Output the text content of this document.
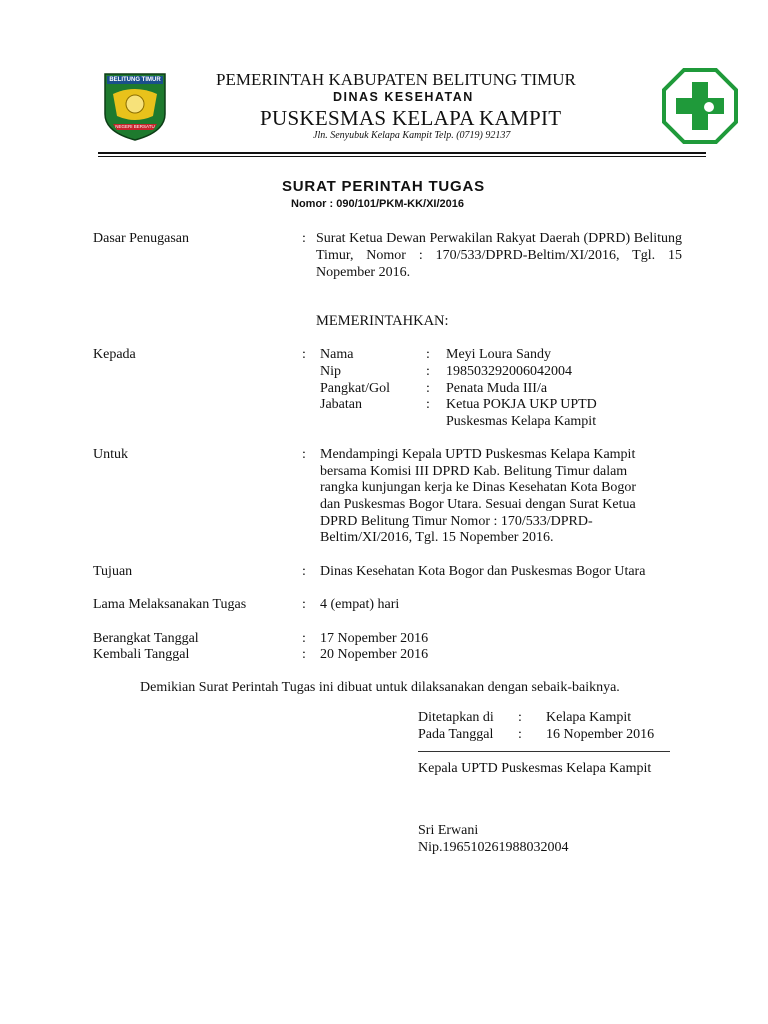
BELITUNG TIMUR
NEGERI BERSATU
PEMERINTAH KABUPATEN BELITUNG TIMUR
DINAS KESEHATAN
PUSKESMAS KELAPA KAMPIT
Jln. Senyubuk Kelapa Kampit Telp. (0719) 92137
SURAT PERINTAH TUGAS
Nomor : 090/101/PKM-KK/XI/2016
Dasar Penugasan	: Surat Ketua Dewan Perwakilan Rakyat Daerah (DPRD) Belitung Timur, Nomor : 170/533/DPRD-Beltim/XI/2016, Tgl. 15 Nopember 2016.
MEMERINTAHKAN:
Kepada	: Nama	: Meyi Loura Sandy
Nip	: 198503292006042004
Pangkat/Gol	: Penata Muda III/a
Jabatan	: Ketua POKJA UKP UPTD
Puskesmas Kelapa Kampit
Untuk	: Mendampingi Kepala UPTD Puskesmas Kelapa Kampit
bersama Komisi III DPRD Kab. Belitung Timur dalam
rangka kunjungan kerja ke Dinas Kesehatan Kota Bogor
dan Puskesmas Bogor Utara. Sesuai dengan Surat Ketua
DPRD Belitung Timur Nomor : 170/533/DPRD-
Beltim/XI/2016, Tgl. 15 Nopember 2016.
Tujuan	: Dinas Kesehatan Kota Bogor dan Puskesmas Bogor Utara
Lama Melaksanakan Tugas	: 4 (empat) hari
Berangkat Tanggal	: 17 Nopember 2016
Kembali Tanggal	: 20 Nopember 2016
Demikian Surat Perintah Tugas ini dibuat untuk dilaksanakan dengan sebaik-baiknya.
Ditetapkan di : Kelapa Kampit
Pada Tanggal : 16 Nopember 2016
Kepala UPTD Puskesmas Kelapa Kampit
Sri Erwani
Nip.196510261988032004
